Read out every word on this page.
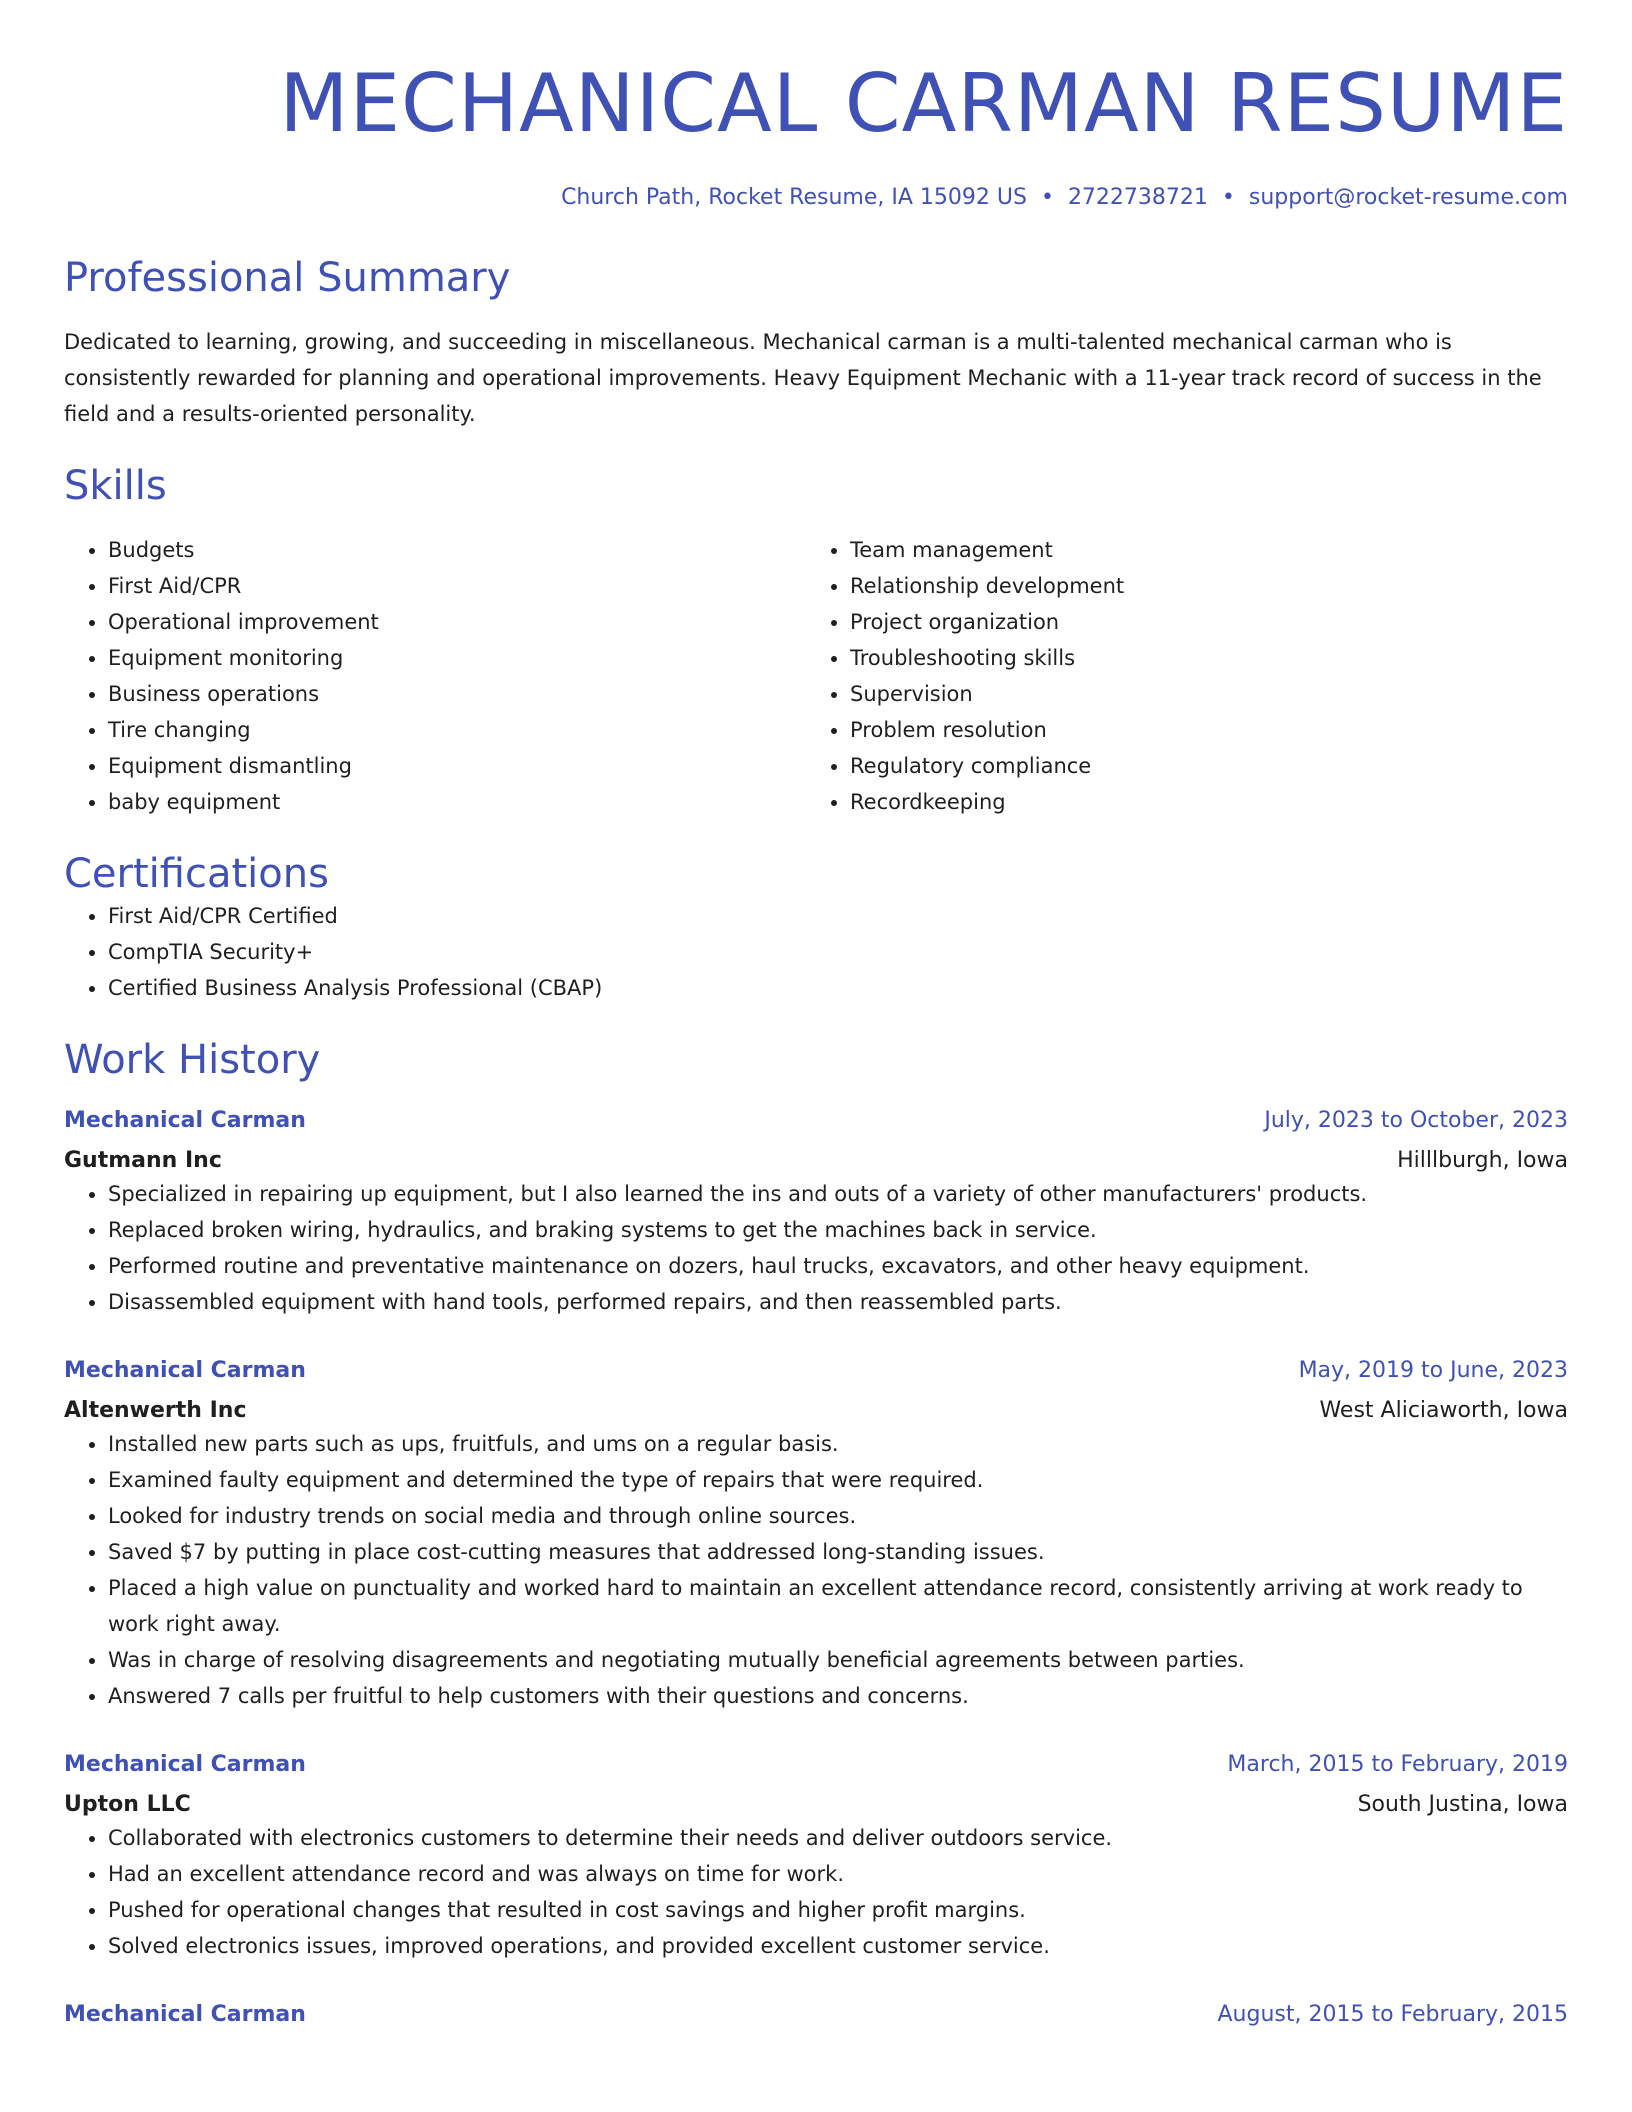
MECHANICAL CARMAN RESUME
Church Path, Rocket Resume, IA 15092 US • 2722738721 • support@rocket-resume.com
Professional Summary

Dedicated to learning, growing, and succeeding in miscellaneous. Mechanical carman is a multi-talented mechanical carman who is consistently rewarded for planning and operational improvements. Heavy Equipment Mechanic with a 11-year track record of success in the field and a results-oriented personality.

Skills
• Budgets
• First Aid/CPR
• Operational improvement
• Equipment monitoring
• Business operations
• Tire changing
• Equipment dismantling
• baby equipment
• Team management
• Relationship development
• Project organization
• Troubleshooting skills
• Supervision
• Problem resolution
• Regulatory compliance
• Recordkeeping
Certifications
• First Aid/CPR Certified
• CompTIA Security+
• Certified Business Analysis Professional (CBAP)
Work History
Mechanical Carman	July, 2023 to October, 2023
Gutmann Inc	Hilllburgh, Iowa
• Specialized in repairing up equipment, but I also learned the ins and outs of a variety of other manufacturers' products.
• Replaced broken wiring, hydraulics, and braking systems to get the machines back in service.
• Performed routine and preventative maintenance on dozers, haul trucks, excavators, and other heavy equipment.
• Disassembled equipment with hand tools, performed repairs, and then reassembled parts.
Mechanical Carman	May, 2019 to June, 2023
Altenwerth Inc	West Aliciaworth, Iowa
• Installed new parts such as ups, fruitfuls, and ums on a regular basis.
• Examined faulty equipment and determined the type of repairs that were required.
• Looked for industry trends on social media and through online sources.
• Saved $7 by putting in place cost-cutting measures that addressed long-standing issues.
• Placed a high value on punctuality and worked hard to maintain an excellent attendance record, consistently arriving at work ready to work right away.
• Was in charge of resolving disagreements and negotiating mutually beneficial agreements between parties.
• Answered 7 calls per fruitful to help customers with their questions and concerns.
Mechanical Carman	March, 2015 to February, 2019
Upton LLC	South Justina, Iowa
• Collaborated with electronics customers to determine their needs and deliver outdoors service.
• Had an excellent attendance record and was always on time for work.
• Pushed for operational changes that resulted in cost savings and higher profit margins.
• Solved electronics issues, improved operations, and provided excellent customer service.
Mechanical Carman	August, 2015 to February, 2015
